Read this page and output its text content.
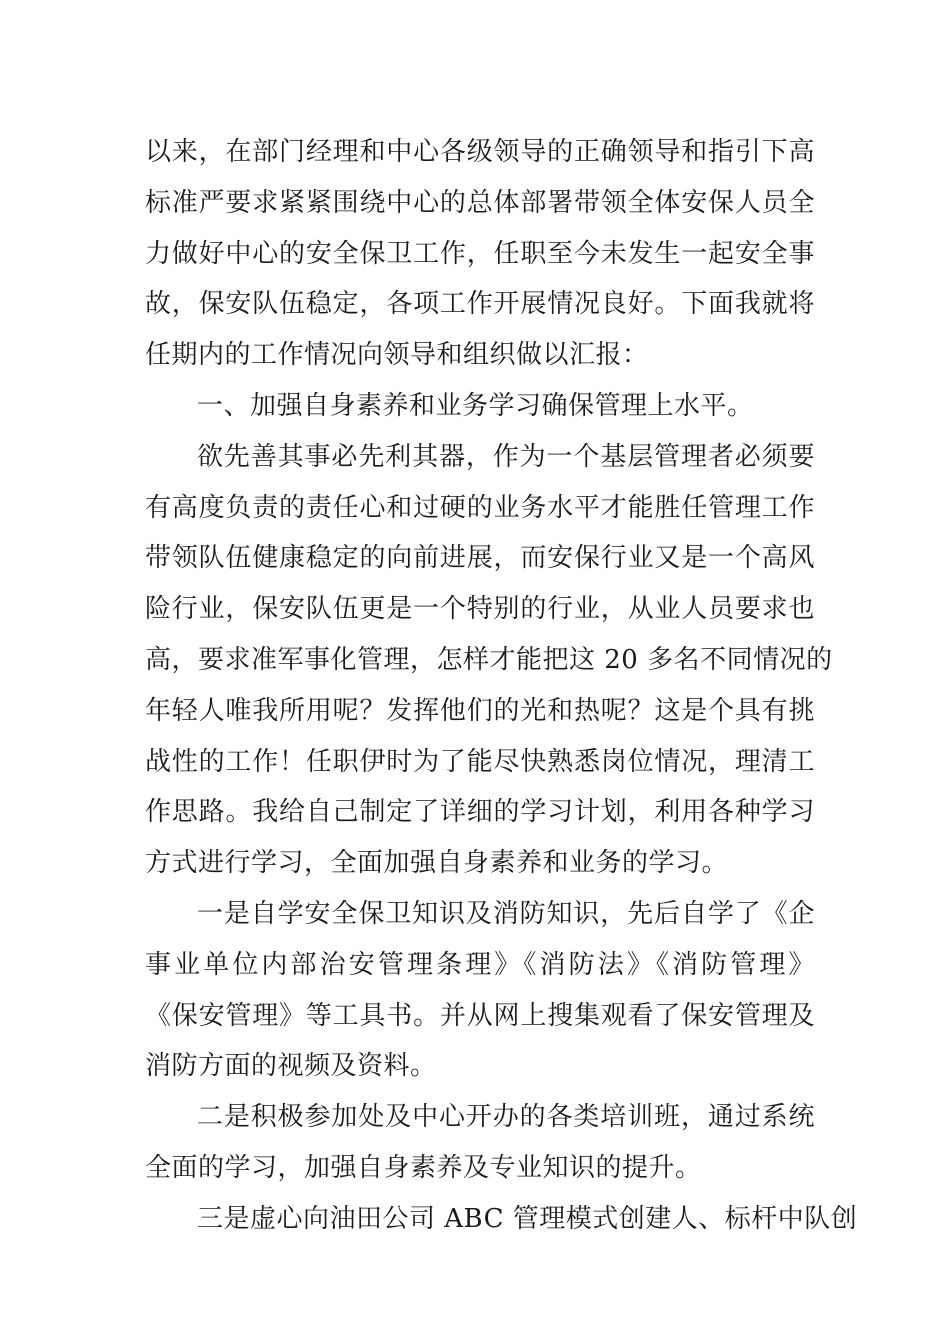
以来，在部门经理和中心各级领导的正确领导和指引下高
标准严要求紧紧围绕中心的总体部署带领全体安保人员全
力做好中心的安全保卫工作，任职至今未发生一起安全事
故，保安队伍稳定，各项工作开展情况良好。下面我就将
任期内的工作情况向领导和组织做以汇报：
一、加强自身素养和业务学习确保管理上水平。
欲先善其事必先利其器，作为一个基层管理者必须要
有高度负责的责任心和过硬的业务水平才能胜任管理工作
带领队伍健康稳定的向前进展，而安保行业又是一个高风
险行业，保安队伍更是一个特别的行业，从业人员要求也
高，要求准军事化管理，怎样才能把这 20 多名不同情况的
年轻人唯我所用呢？发挥他们的光和热呢？这是个具有挑
战性的工作！任职伊时为了能尽快熟悉岗位情况，理清工
作思路。我给自己制定了详细的学习计划，利用各种学习
方式进行学习，全面加强自身素养和业务的学习。
一是自学安全保卫知识及消防知识，先后自学了《企
事业单位内部治安管理条理》《消防法》《消防管理》
《保安管理》等工具书。并从网上搜集观看了保安管理及
消防方面的视频及资料。
二是积极参加处及中心开办的各类培训班，通过系统
全面的学习，加强自身素养及专业知识的提升。
三是虚心向油田公司 ABC 管理模式创建人、标杆中队创
